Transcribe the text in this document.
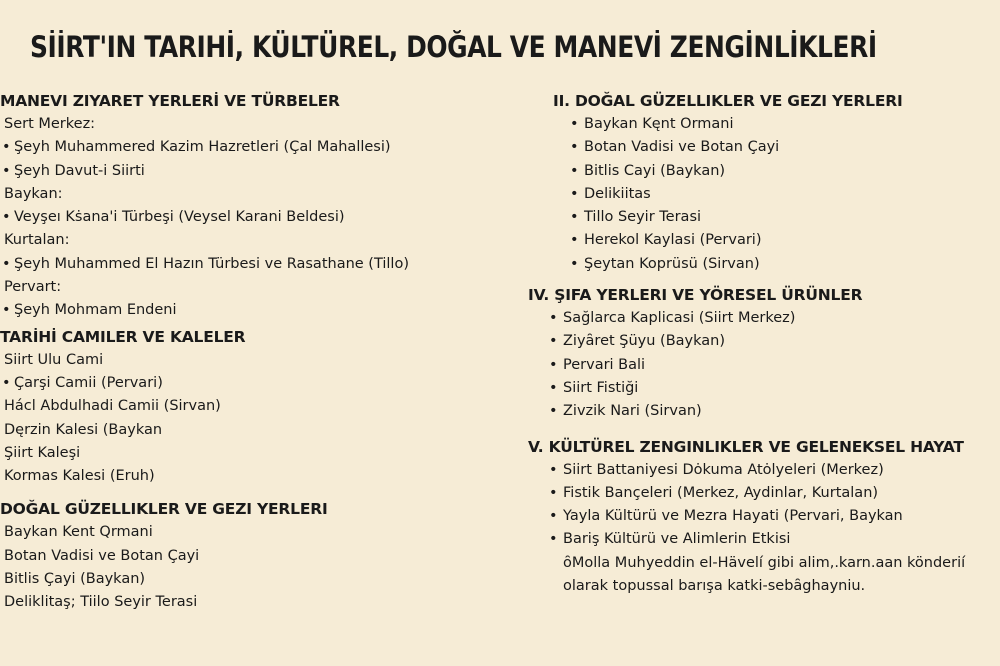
SİİRT'IN TARIHİ, KÜLTÜREL, DOĞAL VE MANEVİ ZENGİNLİKLERİ
MANEVI ZIYARET YERLERİ VE TÜRBELER
Sert Merkez:
• Şeyh Muhammered Kazim Hazretleri (Çal Mahallesi)
• Şeyh Davut-i Siirti
Baykan:
• Veyşeı Kṡana'i Türbeşi (Veysel Karani Beldesi)
Kurtalan:
• Şeyh Muhammed El Hazın Türbesi ve Rasathane (Tillo)
Pervart:
• Şeyh Mohmam Endeni
TARİHİ CAMILER VE KALELER
Siirt Ulu Cami
• Çarşi Camii (Pervari)
Hácl Abdulhadi Camii (Sirvan)
Dęrzin Kalesi (Baykan
Şiirt Kaleşi
Kormas Kalesi (Eruh)
DOĞAL GÜZELLIKLER VE GEZI YERLERI
Baykan Kent Qrmani
Botan Vadisi ve Botan Çayi
Bitlis Çayi (Baykan)
Deliklitaş; Tiilo Seyir Terasi
II. DOĞAL GÜZELLIKLER VE GEZI YERLERI
• Baykan Kęnt Ormani
• Botan Vadisi ve Botan Çayi
• Bitlis Cayi (Baykan)
• Delikiitas
• Tillo Seyir Terasi
• Herekol Kaylasi (Pervari)
• Şeytan Koprüsü (Sirvan)
IV. ŞIFA YERLERI VE YÖRESEL ÜRÜNLER
• Sağlarca Kaplicasi (Siirt Merkez)
• Ziyȃret Şüyu (Baykan)
• Pervari Bali
• Siirt Fistiği
• Zivzik Nari (Sirvan)
V. KÜLTÜREL ZENGINLIKLER VE GELENEKSEL HAYAT
• Siirt Battaniyesi Dȯkuma Atȯlyeleri (Merkez)
• Fistik Bançeleri (Merkez, Aydinlar, Kurtalan)
• Yayla Kültürü ve Mezra Hayati (Pervari, Baykan
• Bariş Kültürü ve Alimlerin Etkisi
ȏMolla Muhyeddin el-Hävelí gibi alim,.karn.aan könderií
olarak topussal barışa katki-sebȃghayniu.
